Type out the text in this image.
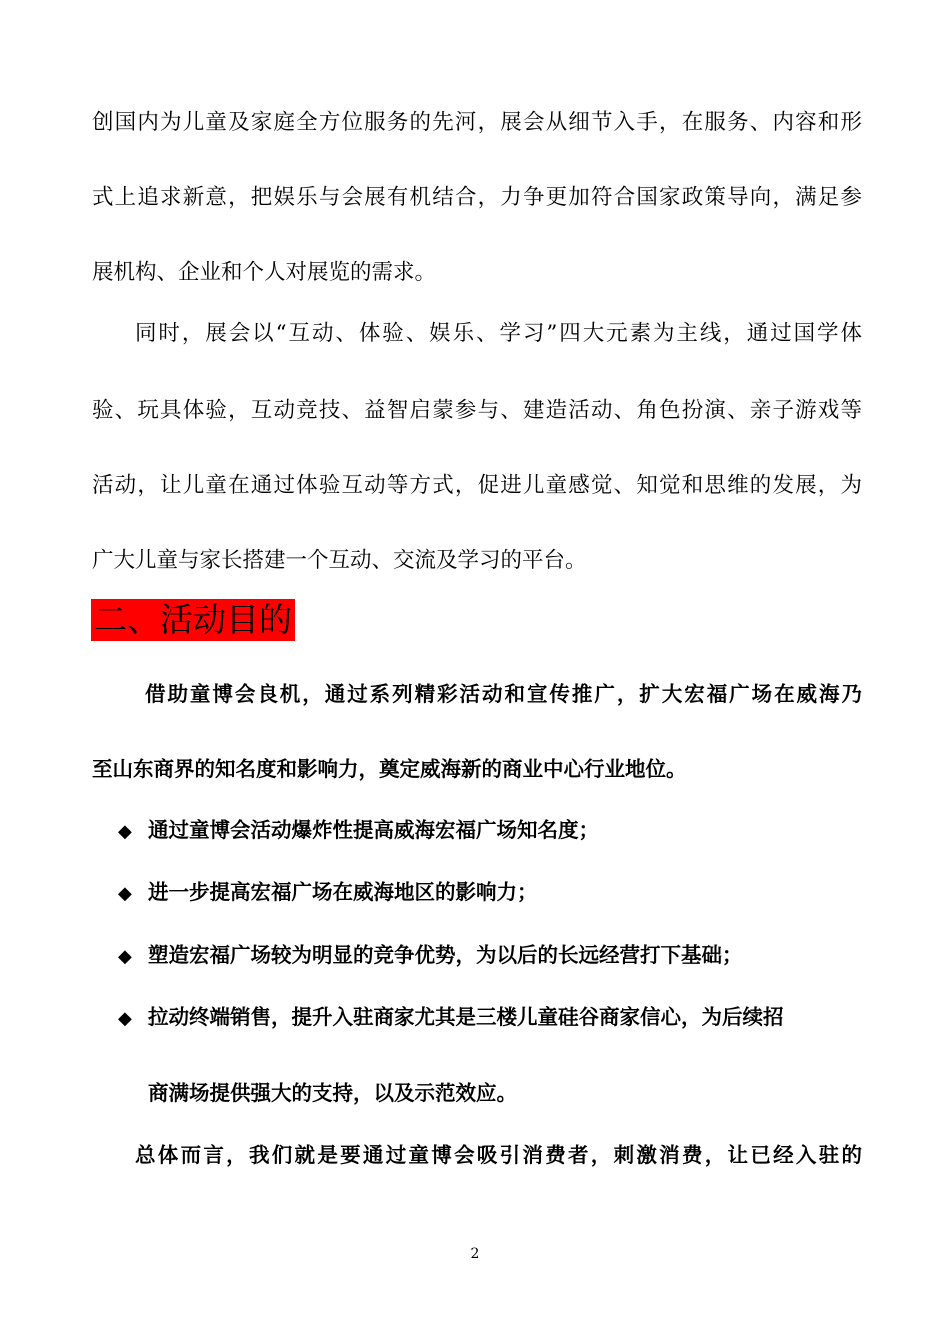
创国内为儿童及家庭全方位服务的先河，展会从细节入手，在服务、内容和形
式上追求新意，把娱乐与会展有机结合，力争更加符合国家政策导向，满足参
展机构、企业和个人对展览的需求。
同时，展会以“互动、体验、娱乐、学习”四大元素为主线，通过国学体
验、玩具体验，互动竞技、益智启蒙参与、建造活动、角色扮演、亲子游戏等
活动，让儿童在通过体验互动等方式，促进儿童感觉、知觉和思维的发展，为
广大儿童与家长搭建一个互动、交流及学习的平台。
二、活动目的
借助童博会良机，通过系列精彩活动和宣传推广，扩大宏福广场在威海乃
至山东商界的知名度和影响力，奠定威海新的商业中心行业地位。
◆ 通过童博会活动爆炸性提高威海宏福广场知名度；
◆ 进一步提高宏福广场在威海地区的影响力；
◆ 塑造宏福广场较为明显的竞争优势，为以后的长远经营打下基础；
◆ 拉动终端销售，提升入驻商家尤其是三楼儿童硅谷商家信心，为后续招
商满场提供强大的支持，以及示范效应。
总体而言，我们就是要通过童博会吸引消费者，刺激消费，让已经入驻的
2
